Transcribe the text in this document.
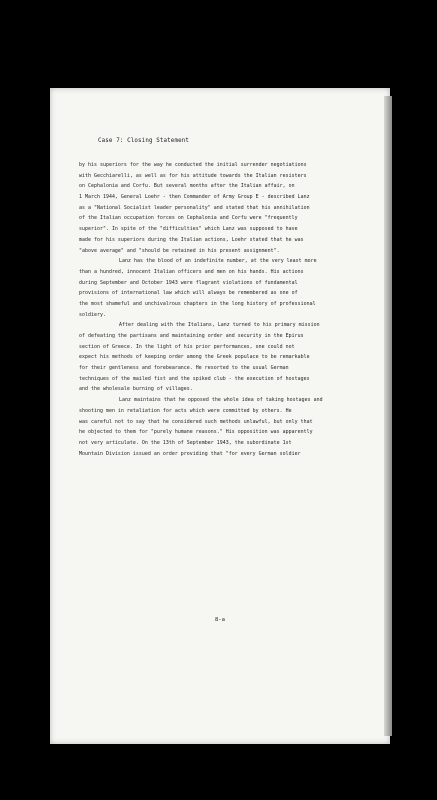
Case 7: Closing Statement
by his superiors for the way he conducted the initial surrender negotiations
with Gecchiarelli, as well as for his attitude towards the Italian resisters
on Cephalonia and Corfu. But several months after the Italian affair, on
1 March 1944, General Loehr - then Commander of Army Group E - described Lanz
as a "National Socialist leader personality" and stated that his annihilation
of the Italian occupation forces on Cephalonia and Corfu were "frequently
superior". In spite of the "difficulties" which Lanz was supposed to have
made for his superiors during the Italian actions, Loehr stated that he was
"above average" and "should be retained in his present assignment".
Lanz has the blood of an indefinite number, at the very least more
than a hundred, innocent Italian officers and men on his hands. His actions
during September and October 1943 were flagrant violations of fundamental
provisions of international law which will always be remembered as one of
the most shameful and unchivalrous chapters in the long history of professional
soldiery.
After dealing with the Italians, Lanz turned to his primary mission
of defeating the partisans and maintaining order and security in the Epirus
section of Greece. In the light of his prior performances, one could not
expect his methods of keeping order among the Greek populace to be remarkable
for their gentleness and forebearance. He resorted to the usual German
techniques of the mailed fist and the spiked club - the execution of hostages
and the wholesale burning of villages.
Lanz maintains that he opposed the whole idea of taking hostages and
shooting men in retaliation for acts which were committed by others. He
was careful not to say that he considered such methods unlawful, but only that
he objected to them for "purely humane reasons." His opposition was apparently
not very articulate. On the 13th of September 1943, the subordinate 1st
Mountain Division issued an order providing that "for every German soldier
8-a
